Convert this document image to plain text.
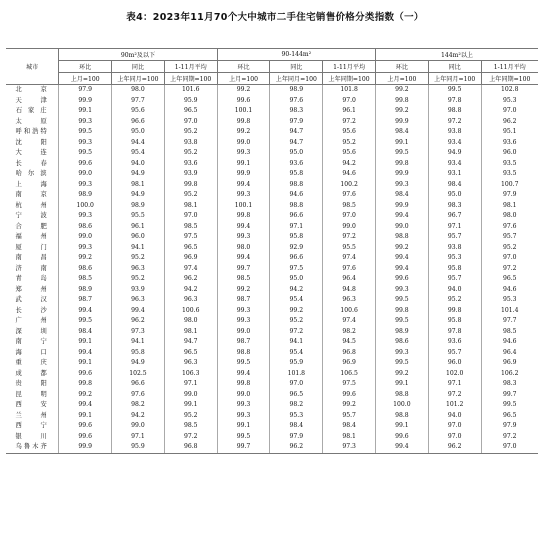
表4：2023年11月70个大中城市二手住宅销售价格分类指数（一）
城市	90m²及以下			90-144m²			144m²以上		
	环比	同比	1-11月平均	环比	同比	1-11月平均	环比	同比	1-11月平均
	上月=100	上年同月=100	上年同期=100	上月=100	上年同月=100	上年同期=100	上月=100	上年同月=100	上年同期=100
北　　京	97.9	98.0	101.6	99.2	98.9	101.8	99.2	99.5	102.8
天　　津	99.9	97.7	95.9	99.6	97.6	97.0	99.8	97.8	95.3
石 家 庄	99.1	95.6	96.5	100.1	98.3	96.1	99.2	98.8	97.0
太　　原	99.3	96.6	97.0	99.8	97.9	97.2	99.9	97.2	96.2
呼和浩特	99.5	95.0	95.2	99.2	94.7	95.6	98.4	93.8	95.1
沈　　阳	99.3	94.4	93.8	99.0	94.7	95.2	99.1	93.4	93.6
大　　连	99.5	95.4	95.2	99.3	95.0	95.6	99.5	94.9	96.0
长　　春	99.6	94.0	93.6	99.1	93.6	94.2	99.8	93.4	93.5
哈 尔 滨	99.0	94.9	93.9	99.9	95.8	94.6	99.9	93.1	93.5
上　　海	99.3	98.1	99.8	99.4	98.8	100.2	99.3	98.4	100.7
南　　京	98.9	94.9	95.2	99.3	94.6	97.6	98.4	95.0	97.9
杭　　州	100.0	98.9	98.1	100.1	98.8	98.5	99.9	98.3	98.1
宁　　波	99.3	95.5	97.0	99.8	96.6	97.0	99.4	96.7	98.0
合　　肥	98.6	96.1	98.5	99.4	97.1	99.0	99.0	97.1	97.6
福　　州	99.0	96.0	97.5	99.3	95.8	97.2	98.8	95.7	95.7
厦　　门	99.3	94.1	96.5	98.0	92.9	95.5	99.2	93.8	95.2
南　　昌	99.2	95.2	96.9	99.4	96.6	97.4	99.4	95.3	97.0
济　　南	98.6	96.3	97.4	99.7	97.5	97.6	99.4	95.8	97.2
青　　岛	98.5	95.2	96.2	98.5	95.0	96.4	99.6	95.7	96.5
郑　　州	98.9	93.9	94.2	99.2	94.2	94.8	99.3	94.0	94.6
武　　汉	98.7	96.3	96.3	98.7	95.4	96.3	99.5	95.2	95.3
长　　沙	99.4	99.4	100.6	99.3	99.2	100.6	99.8	99.8	101.4
广　　州	99.5	96.2	98.0	99.3	95.2	97.4	99.5	95.8	97.7
深　　圳	98.4	97.3	98.1	99.0	97.2	98.2	98.9	97.8	98.5
南　　宁	99.1	94.1	94.7	98.7	94.1	94.5	98.6	93.6	94.6
海　　口	99.4	95.8	96.5	98.8	95.4	96.8	99.3	95.7	96.4
重　　庆	99.1	94.9	96.3	99.5	95.9	96.9	99.5	96.0	96.9
成　　都	99.6	102.5	106.3	99.4	101.8	106.5	99.2	102.0	106.2
贵　　阳	99.8	96.6	97.1	99.8	97.0	97.5	99.1	97.1	98.3
昆　　明	99.2	97.6	99.0	99.0	96.5	99.6	98.8	97.2	99.7
西　　安	99.4	98.2	99.1	99.3	98.2	99.2	100.0	101.2	99.5
兰　　州	99.1	94.2	95.2	99.3	95.3	95.7	98.8	94.0	96.5
西　　宁	99.6	99.0	98.5	99.1	98.4	98.4	99.1	97.0	97.9
银　　川	99.6	97.1	97.2	99.5	97.9	98.1	99.6	97.0	97.2
乌鲁木齐	99.9	95.9	96.8	99.7	96.2	97.3	99.4	96.2	97.0
